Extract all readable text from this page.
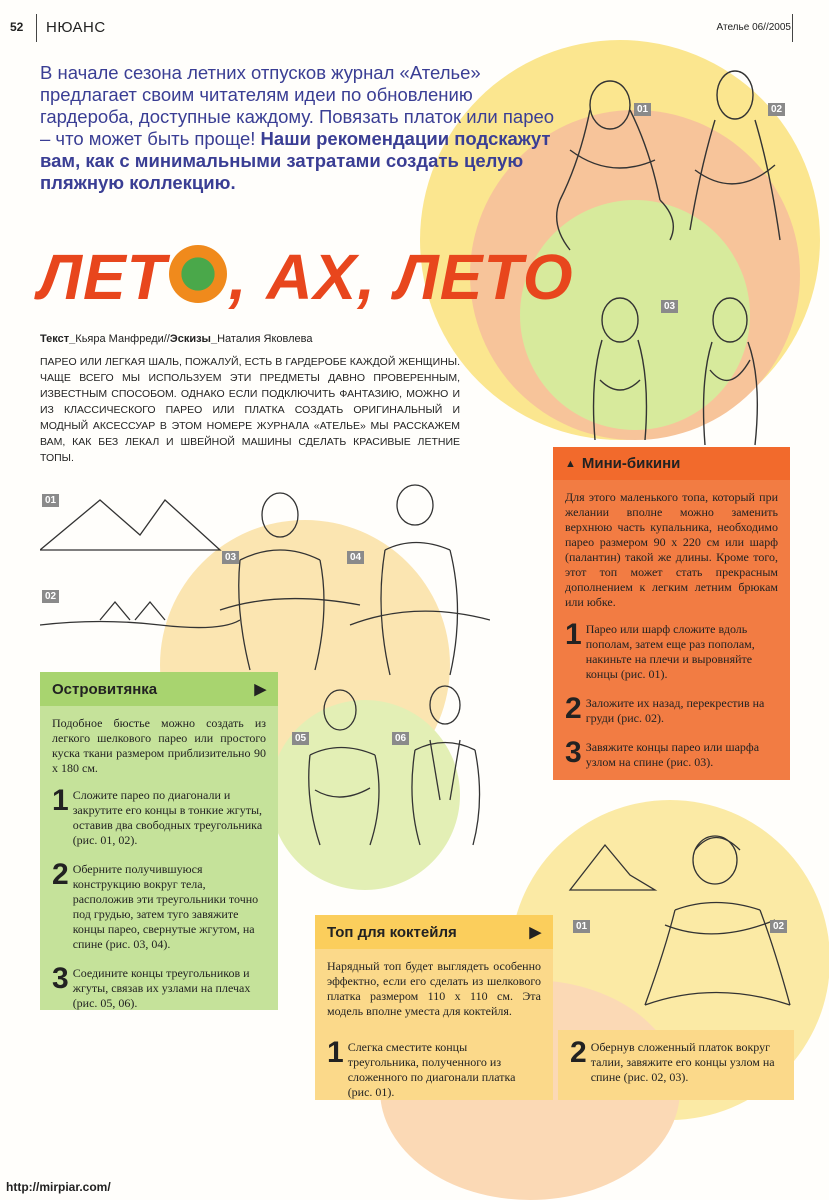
52 НЮАНС	Ателье 06//2005
В начале сезона летних отпусков журнал «Ателье» предлагает своим читателям идеи по обновлению гардероба, доступные каждому. Повязать платок или парео – что может быть проще! Наши рекомендации подскажут вам, как с минимальными затратами создать целую пляжную коллекцию.
ЛЕТ , АХ, ЛЕТО
Текст_Кьяра Манфреди//Эскизы_Наталия Яковлева
ПАРЕО ИЛИ ЛЕГКАЯ ШАЛЬ, ПОЖАЛУЙ, ЕСТЬ В ГАРДЕРОБЕ КАЖДОЙ ЖЕНЩИНЫ. ЧАЩЕ ВСЕГО МЫ ИСПОЛЬЗУЕМ ЭТИ ПРЕДМЕТЫ ДАВНО ПРОВЕРЕННЫМ, ИЗВЕСТНЫМ СПОСОБОМ. ОДНАКО ЕСЛИ ПОДКЛЮЧИТЬ ФАНТАЗИЮ, МОЖНО И ИЗ КЛАССИЧЕСКОГО ПАРЕО ИЛИ ПЛАТКА СОЗДАТЬ ОРИГИНАЛЬНЫЙ И МОДНЫЙ АКСЕССУАР В ЭТОМ НОМЕРЕ ЖУРНАЛА «АТЕЛЬЕ» МЫ РАССКАЖЕМ ВАМ, КАК БЕЗ ЛЕКАЛ И ШВЕЙНОЙ МАШИНЫ СДЕЛАТЬ КРАСИВЫЕ ЛЕТНИЕ ТОПЫ.
01	02
03
01
02
03	04
05	06
Островитянка	▶

Подобное бюстье можно создать из легкого шелкового парео или простого куска ткани размером приблизительно 90 х 180 см.

1 Сложите парео по диагонали и закрутите его концы в тонкие жгуты, оставив два свободных треугольника (рис. 01, 02).
2 Оберните получившуюся конструкцию вокруг тела, расположив эти треугольники точно под грудью, затем туго завяжите концы парео, свернутые жгутом, на спине (рис. 03, 04).
3 Соедините концы треугольников и жгуты, связав их узлами на плечах (рис. 05, 06).
▲ Мини-бикини

Для этого маленького топа, который при желании вполне можно заменить верхнюю часть купальника, необходимо парео размером 90 х 220 см или шарф (палантин) такой же длины. Кроме того, этот топ может стать прекрасным дополнением к легким летним брюкам или юбке.

1 Парео или шарф сложите вдоль пополам, затем еще раз пополам, накиньте на плечи и выровняйте концы (рис. 01).
2 Заложите их назад, перекрестив на груди (рис. 02).
3 Завяжите концы парео или шарфа узлом на спине (рис. 03).
01	02
Топ для коктейля	▶

Нарядный топ будет выглядеть особенно эффектно, если его сделать из шелкового платка размером 110 х 110 см. Эта модель вполне уместа для коктейля.

1 Слегка сместите концы треугольника, полученного из сложенного по диагонали платка (рис. 01).
2 Обернув сложенный платок вокруг талии, завяжите его концы узлом на спине (рис. 02, 03).
http://mirpiar.com/
